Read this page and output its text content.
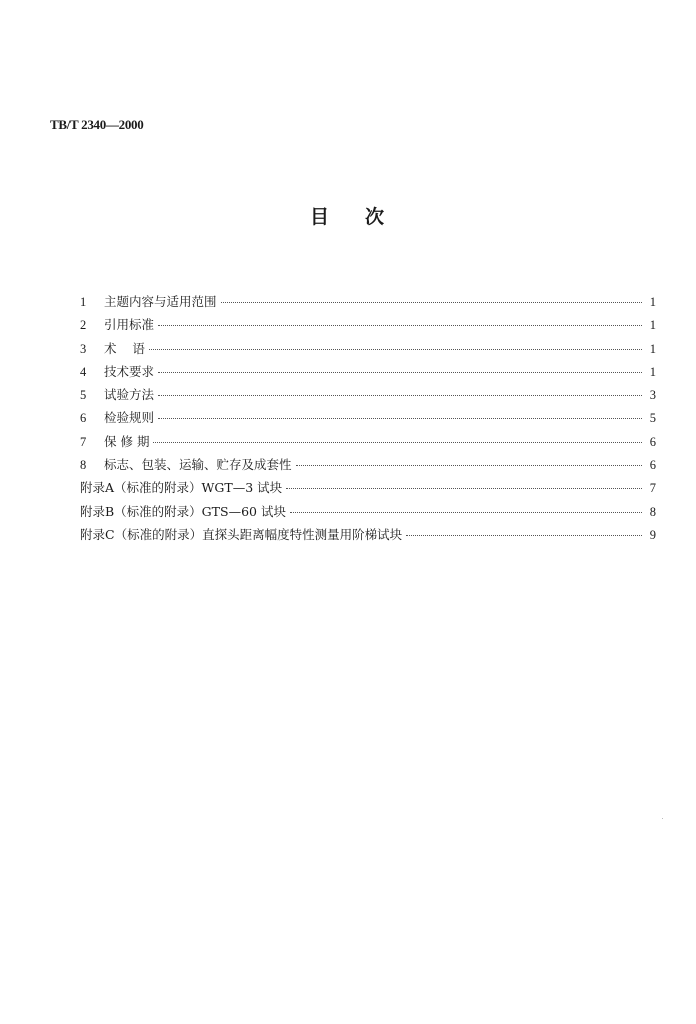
TB/T 2340—2000
目 次
1	主题内容与适用范围	1
2	引用标准	1
3	术    语	1
4	技术要求	1
5	试验方法	3
6	检验规则	5
7	保 修 期	6
8	标志、包装、运输、贮存及成套性	6
附录A（标准的附录）WGT—3 试块	7
附录B（标准的附录）GTS—60 试块	8
附录C（标准的附录）直探头距离幅度特性测量用阶梯试块	9
